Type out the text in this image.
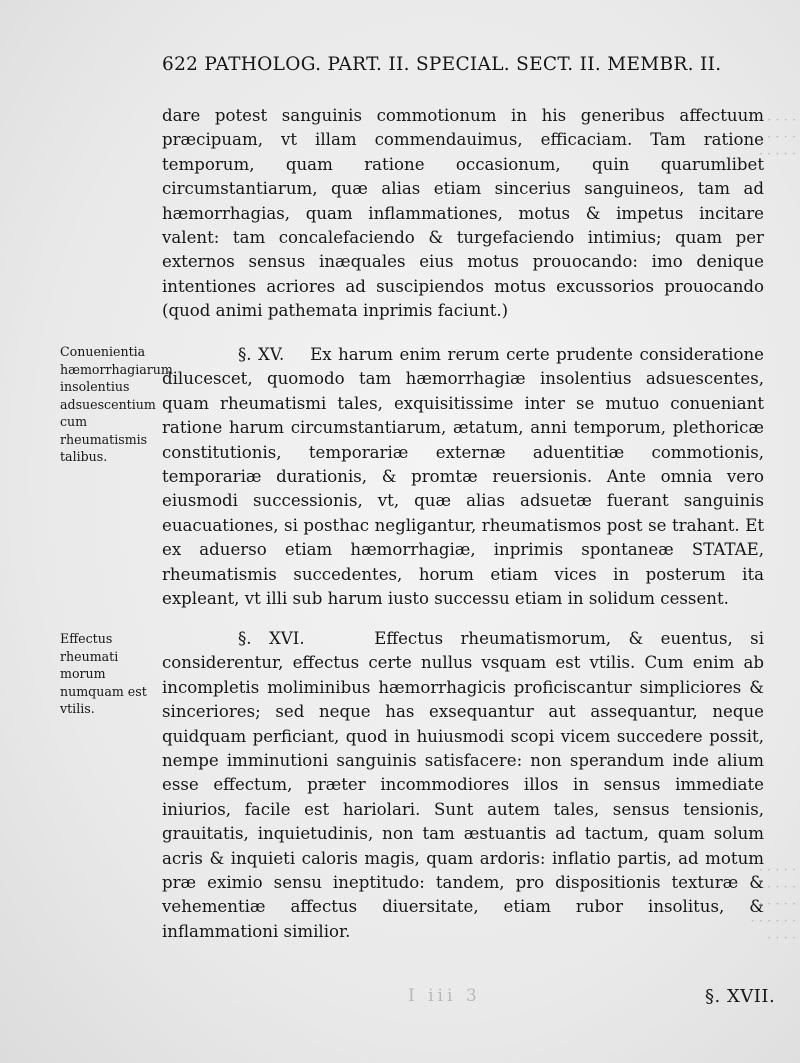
· · · · ·
· · · · · ·
· · · · ·
· · · · ·
· · · · · ·
· · · · ·
· · · · · ·
· · · ·
622 PATHOLOG. PART. II. SPECIAL. SECT. II. MEMBR. II.

dare potest sanguinis commotionum in his generibus affectuum præcipuam, vt illam commendauimus, efficaciam. Tam ratione temporum, quam ratione occasionum, quin quarumlibet circumstantiarum, quæ alias etiam sincerius sanguineos, tam ad hæmorrhagias, quam inflammationes, motus & impetus incitare valent: tam concalefaciendo & turgefaciendo intimius; quam per externos sensus inæquales eius motus prouocando: imo denique intentiones acriores ad suscipiendos motus excussorios prouocando (quod animi pathemata inprimis faciunt.)

Conuenientia hæmorrhagiarum insolentius adsuescentium cum rheumatismis talibus.

§. XV. Ex harum enim rerum certe prudente consideratione dilucescet, quomodo tam hæmorrhagiæ insolentius adsuescentes, quam rheumatismi tales, exquisitissime inter se mutuo conueniant ratione harum circumstantiarum, ætatum, anni temporum, plethoricæ constitutionis, temporariæ externæ aduentitiæ commotionis, temporariæ durationis, & promtæ reuersionis. Ante omnia vero eiusmodi successionis, vt, quæ alias adsuetæ fuerant sanguinis euacuationes, si posthac negligantur, rheumatismos post se trahant. Et ex aduerso etiam hæmorrhagiæ, inprimis spontaneæ STATAE, rheumatismis succedentes, horum etiam vices in posterum ita expleant, vt illi sub harum iusto successu etiam in solidum cessent.

Effectus rheumati morum numquam est vtilis.

§. XVI.	Effectus rheumatismorum, & euentus, si considerentur, effectus certe nullus vsquam est vtilis. Cum enim ab incompletis moliminibus hæmorrhagicis proficiscantur simpliciores & sinceriores; sed neque has exsequantur aut assequantur, neque quidquam perficiant, quod in huiusmodi scopi vicem succedere possit, nempe imminutioni sanguinis satisfacere: non sperandum inde alium esse effectum, præter incommodiores illos in sensus immediate iniurios, facile est hariolari. Sunt autem tales, sensus tensionis, grauitatis, inquietudinis, non tam æstuantis ad tactum, quam solum acris & inquieti caloris magis, quam ardoris: inflatio partis, ad motum præ eximio sensu ineptitudo: tandem, pro dispositionis texturæ & vehementiæ affectus diuersitate, etiam rubor insolitus, & inflammationi similior.

I iii 3	§. XVII.
